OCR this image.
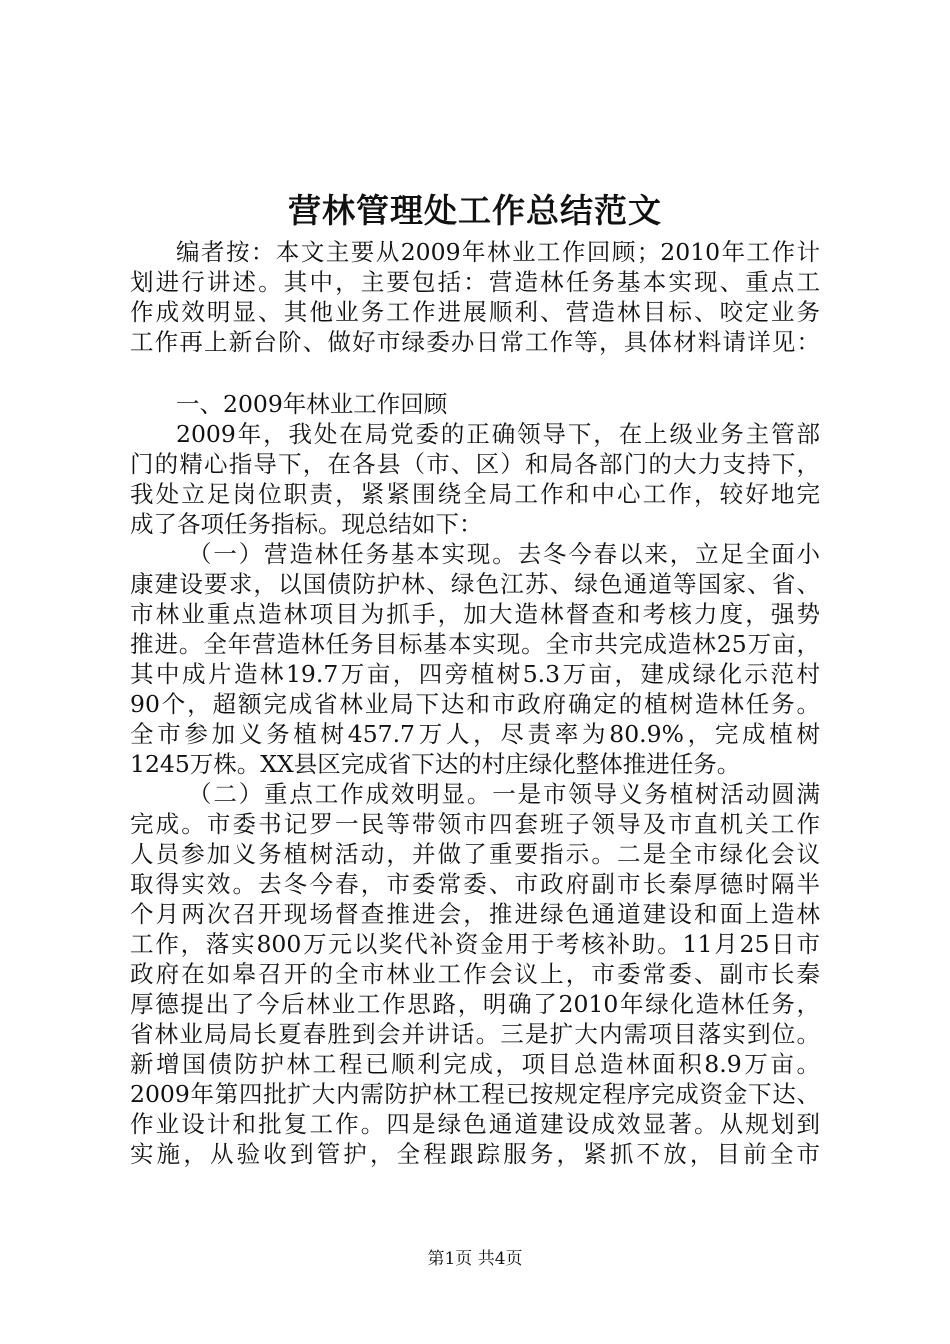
营林管理处工作总结范文
编者按：本文主要从2009年林业工作回顾；2010年工作计
划进行讲述。其中，主要包括：营造林任务基本实现、重点工
作成效明显、其他业务工作进展顺利、营造林目标、咬定业务
工作再上新台阶、做好市绿委办日常工作等，具体材料请详见：
一、2009年林业工作回顾
2009年，我处在局党委的正确领导下，在上级业务主管部
门的精心指导下，在各县（市、区）和局各部门的大力支持下，
我处立足岗位职责，紧紧围绕全局工作和中心工作，较好地完
成了各项任务指标。现总结如下：
（一）营造林任务基本实现。去冬今春以来，立足全面小
康建设要求，以国债防护林、绿色江苏、绿色通道等国家、省、
市林业重点造林项目为抓手，加大造林督查和考核力度，强势
推进。全年营造林任务目标基本实现。全市共完成造林25万亩，
其中成片造林19.7万亩，四旁植树5.3万亩，建成绿化示范村
90个，超额完成省林业局下达和市政府确定的植树造林任务。
全市参加义务植树457.7万人，尽责率为80.9%，完成植树
1245万株。XX县区完成省下达的村庄绿化整体推进任务。
（二）重点工作成效明显。一是市领导义务植树活动圆满
完成。市委书记罗一民等带领市四套班子领导及市直机关工作
人员参加义务植树活动，并做了重要指示。二是全市绿化会议
取得实效。去冬今春，市委常委、市政府副市长秦厚德时隔半
个月两次召开现场督查推进会，推进绿色通道建设和面上造林
工作，落实800万元以奖代补资金用于考核补助。11月25日市
政府在如皋召开的全市林业工作会议上，市委常委、副市长秦
厚德提出了今后林业工作思路，明确了2010年绿化造林任务，
省林业局局长夏春胜到会并讲话。三是扩大内需项目落实到位。
新增国债防护林工程已顺利完成，项目总造林面积8.9万亩。
2009年第四批扩大内需防护林工程已按规定程序完成资金下达、
作业设计和批复工作。四是绿色通道建设成效显著。从规划到
实施，从验收到管护，全程跟踪服务，紧抓不放，目前全市
第1页 共4页
